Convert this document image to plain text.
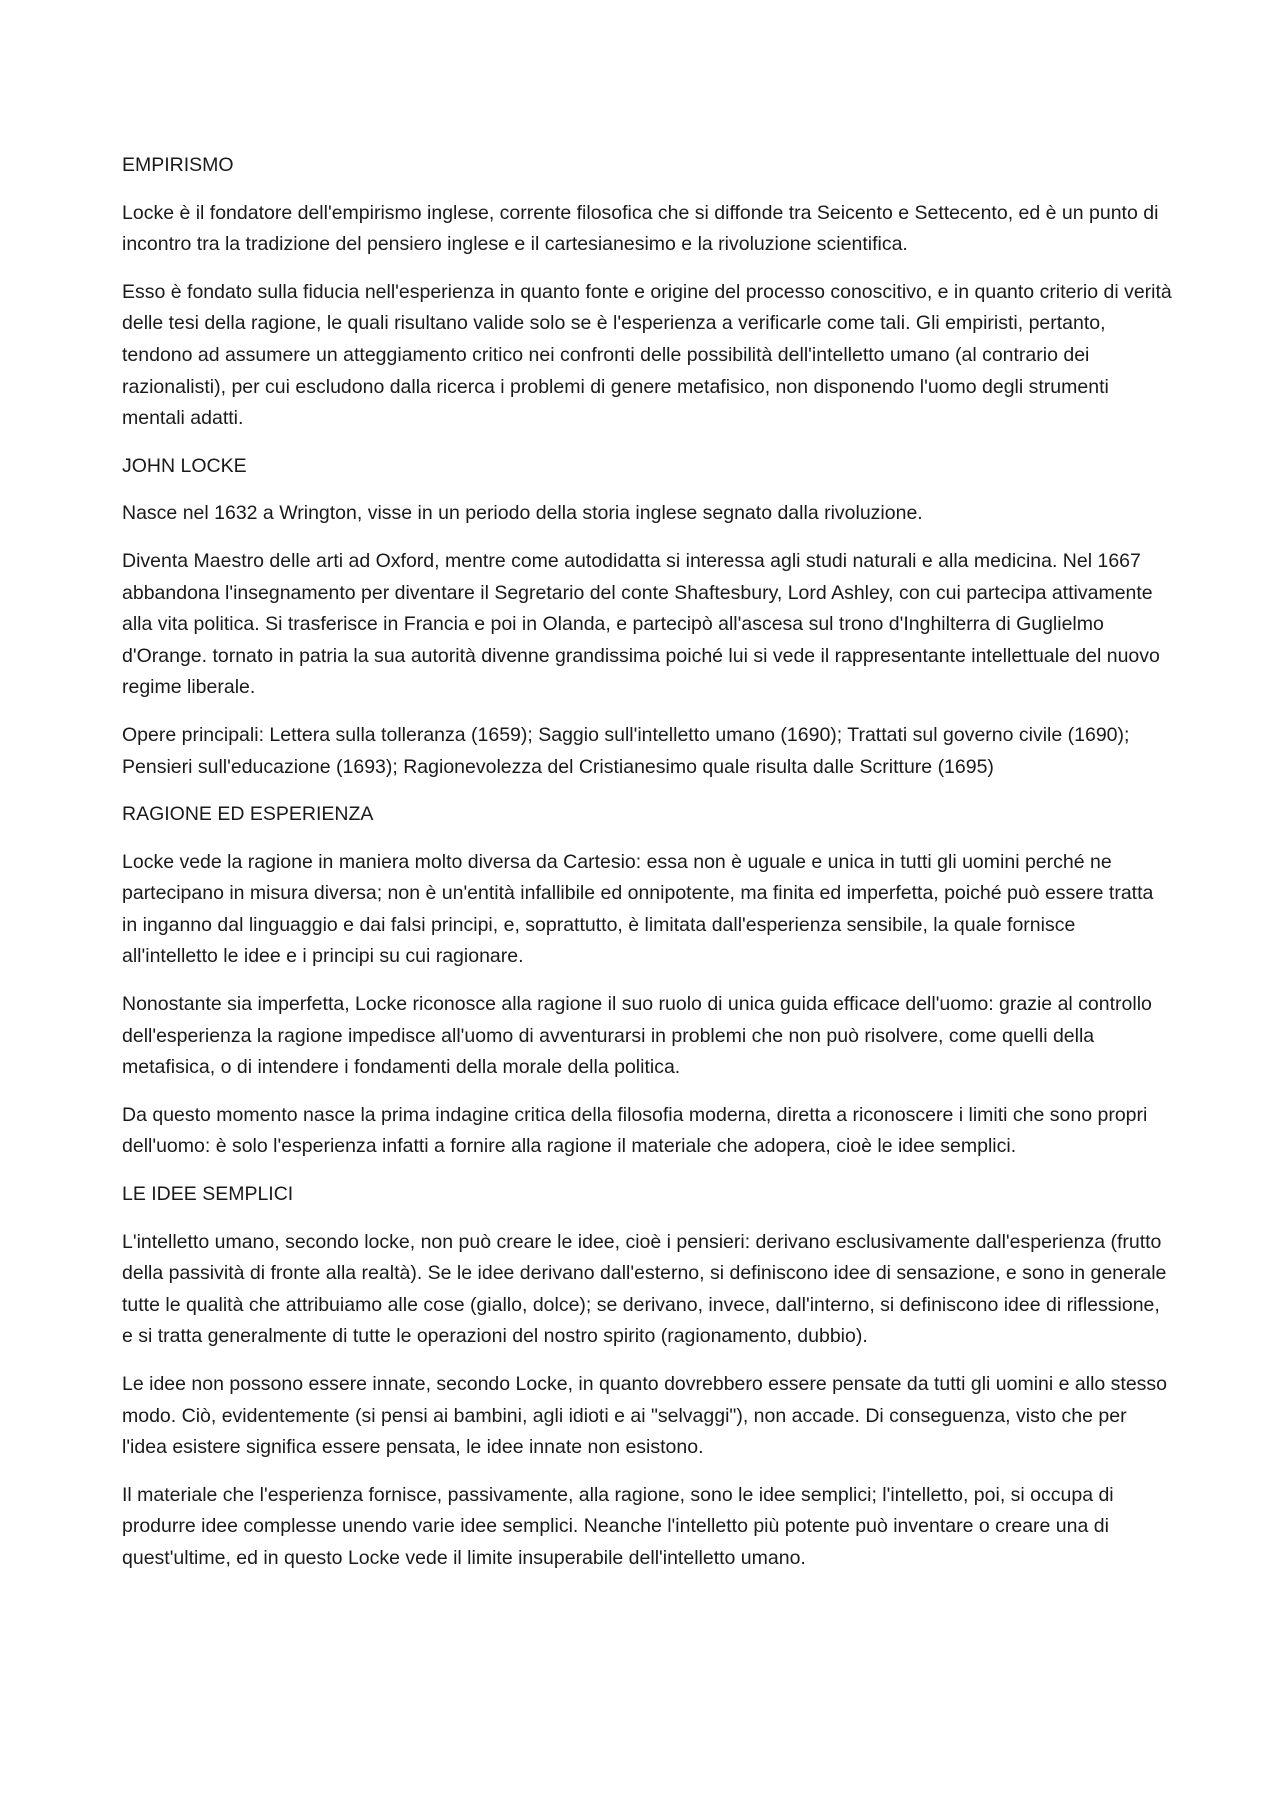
EMPIRISMO

Locke è il fondatore dell'empirismo inglese, corrente filosofica che si diffonde tra Seicento e Settecento, ed è un punto di incontro tra la tradizione del pensiero inglese e il cartesianesimo e la rivoluzione scientifica.

Esso è fondato sulla fiducia nell'esperienza in quanto fonte e origine del processo conoscitivo, e in quanto criterio di verità delle tesi della ragione, le quali risultano valide solo se è l'esperienza a verificarle come tali. Gli empiristi, pertanto, tendono ad assumere un atteggiamento critico nei confronti delle possibilità dell'intelletto umano (al contrario dei razionalisti), per cui escludono dalla ricerca i problemi di genere metafisico, non disponendo l'uomo degli strumenti mentali adatti.

JOHN LOCKE

Nasce nel 1632 a Wrington, visse in un periodo della storia inglese segnato dalla rivoluzione.

Diventa Maestro delle arti ad Oxford, mentre come autodidatta si interessa agli studi naturali e alla medicina. Nel 1667 abbandona l'insegnamento per diventare il Segretario del conte Shaftesbury, Lord Ashley, con cui partecipa attivamente alla vita politica. Si trasferisce in Francia e poi in Olanda, e partecipò all'ascesa sul trono d'Inghilterra di Guglielmo d'Orange. tornato in patria la sua autorità divenne grandissima poiché lui si vede il rappresentante intellettuale del nuovo regime liberale.

Opere principali: Lettera sulla tolleranza (1659); Saggio sull'intelletto umano (1690); Trattati sul governo civile (1690); Pensieri sull'educazione (1693); Ragionevolezza del Cristianesimo quale risulta dalle Scritture (1695)

RAGIONE ED ESPERIENZA

Locke vede la ragione in maniera molto diversa da Cartesio: essa non è uguale e unica in tutti gli uomini perché ne partecipano in misura diversa; non è un'entità infallibile ed onnipotente, ma finita ed imperfetta, poiché può essere tratta in inganno dal linguaggio e dai falsi principi, e, soprattutto, è limitata dall'esperienza sensibile, la quale fornisce all'intelletto le idee e i principi su cui ragionare.

Nonostante sia imperfetta, Locke riconosce alla ragione il suo ruolo di unica guida efficace dell'uomo: grazie al controllo dell'esperienza la ragione impedisce all'uomo di avventurarsi in problemi che non può risolvere, come quelli della metafisica, o di intendere i fondamenti della morale della politica.

Da questo momento nasce la prima indagine critica della filosofia moderna, diretta a riconoscere i limiti che sono propri dell'uomo: è solo l'esperienza infatti a fornire alla ragione il materiale che adopera, cioè le idee semplici.

LE IDEE SEMPLICI

L'intelletto umano, secondo locke, non può creare le idee, cioè i pensieri: derivano esclusivamente dall'esperienza (frutto della passività di fronte alla realtà). Se le idee derivano dall'esterno, si definiscono idee di sensazione, e sono in generale tutte le qualità che attribuiamo alle cose (giallo, dolce); se derivano, invece, dall'interno, si definiscono idee di riflessione, e si tratta generalmente di tutte le operazioni del nostro spirito (ragionamento, dubbio).

Le idee non possono essere innate, secondo Locke, in quanto dovrebbero essere pensate da tutti gli uomini e allo stesso modo. Ciò, evidentemente (si pensi ai bambini, agli idioti e ai "selvaggi"), non accade. Di conseguenza, visto che per l'idea esistere significa essere pensata, le idee innate non esistono.

Il materiale che l'esperienza fornisce, passivamente, alla ragione, sono le idee semplici; l'intelletto, poi, si occupa di produrre idee complesse unendo varie idee semplici. Neanche l'intelletto più potente può inventare o creare una di quest'ultime, ed in questo Locke vede il limite insuperabile dell'intelletto umano.
